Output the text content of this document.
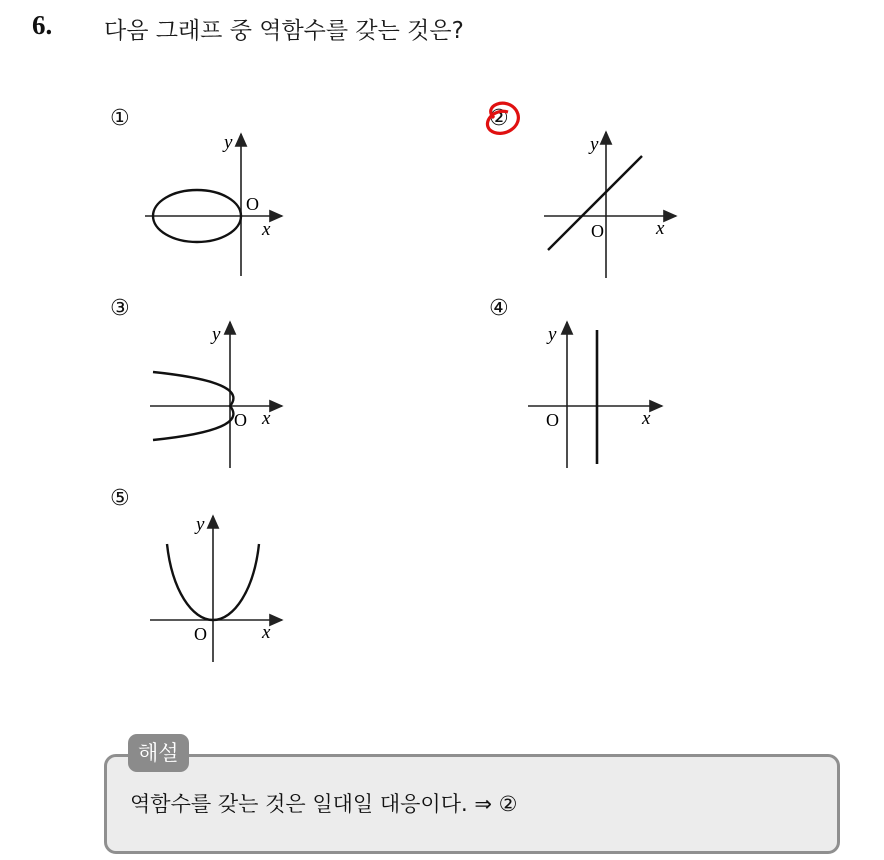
6. 다음 그래프 중 역함수를 갖는 것은?
①
y
x
O
②
y
x
O
③
y
x
O
④
y
x
O
⑤
y
x
O
해설
역함수를 갖는 것은 일대일 대응이다. ⇒ ②
